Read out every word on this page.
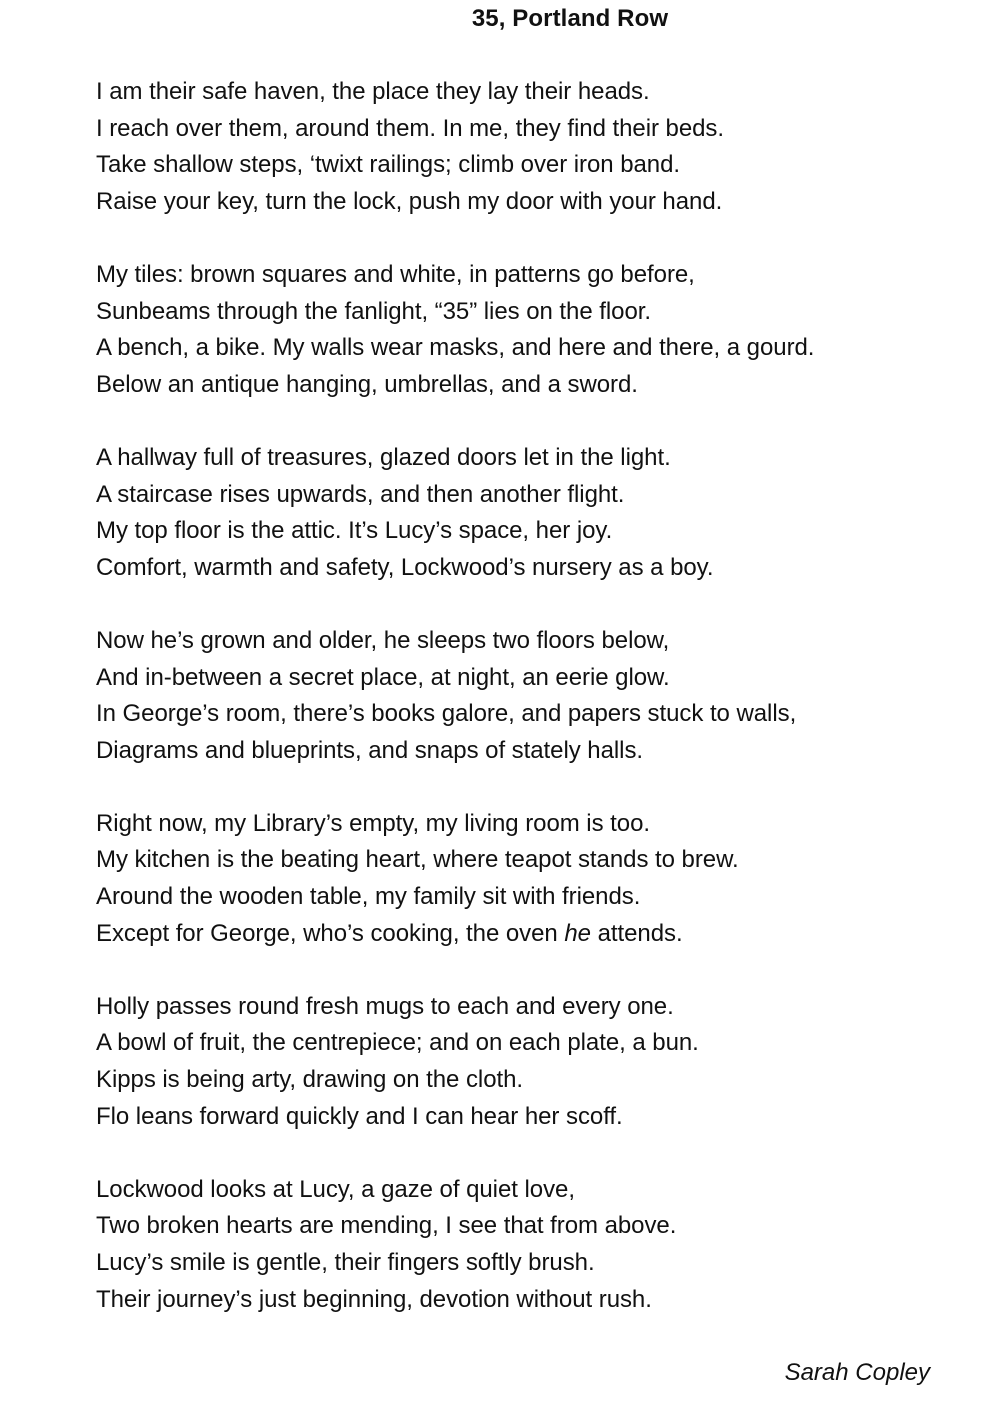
35, Portland Row
I am their safe haven, the place they lay their heads.
I reach over them, around them. In me, they find their beds.
Take shallow steps, ‘twixt railings; climb over iron band.
Raise your key, turn the lock, push my door with your hand.
My tiles: brown squares and white, in patterns go before,
Sunbeams through the fanlight, “35” lies on the floor.
A bench, a bike. My walls wear masks, and here and there, a gourd.
Below an antique hanging, umbrellas, and a sword.
A hallway full of treasures, glazed doors let in the light.
A staircase rises upwards, and then another flight.
My top floor is the attic. It’s Lucy’s space, her joy.
Comfort, warmth and safety, Lockwood’s nursery as a boy.
Now he’s grown and older, he sleeps two floors below,
And in-between a secret place, at night, an eerie glow.
In George’s room, there’s books galore, and papers stuck to walls,
Diagrams and blueprints, and snaps of stately halls.
Right now, my Library’s empty, my living room is too.
My kitchen is the beating heart, where teapot stands to brew.
Around the wooden table, my family sit with friends.
Except for George, who’s cooking, the oven he attends.
Holly passes round fresh mugs to each and every one.
A bowl of fruit, the centrepiece; and on each plate, a bun.
Kipps is being arty, drawing on the cloth.
Flo leans forward quickly and I can hear her scoff.
Lockwood looks at Lucy, a gaze of quiet love,
Two broken hearts are mending, I see that from above.
Lucy’s smile is gentle, their fingers softly brush.
Their journey’s just beginning, devotion without rush.
Sarah Copley
